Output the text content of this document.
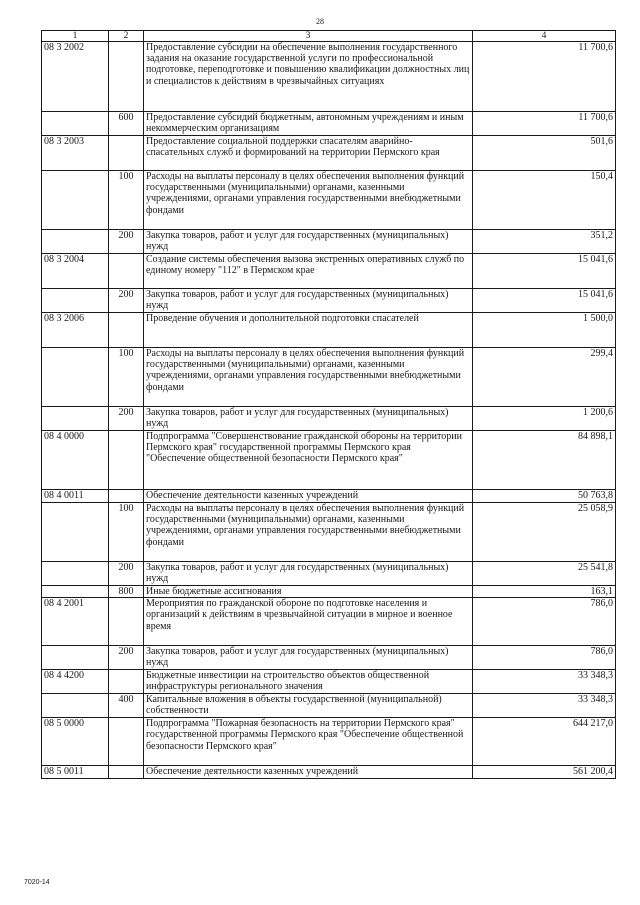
28
1	2	3	4
08 3 2002		Предоставление субсидии на обеспечение выполнения государственного задания на оказание государственной услуги по профессиональной подготовке, переподготовке и повышению квалификации должностных лиц и специалистов к действиям в чрезвычайных ситуациях	11 700,6
	600	Предоставление субсидий бюджетным, автономным учреждениям и иным некоммерческим организациям	11 700,6
08 3 2003		Предоставление социальной поддержки спасателям аварийно-спасательных служб и формирований на территории Пермского края	501,6
	100	Расходы на выплаты персоналу в целях обеспечения выполнения функций государственными (муниципальными) органами, казенными учреждениями, органами управления государственными внебюджетными фондами	150,4
	200	Закупка товаров, работ и услуг для государственных (муниципальных) нужд	351,2
08 3 2004		Создание системы обеспечения вызова экстренных оперативных служб по единому номеру "112" в Пермском крае	15 041,6
	200	Закупка товаров, работ и услуг для государственных (муниципальных) нужд	15 041,6
08 3 2006		Проведение обучения и дополнительной подготовки спасателей	1 500,0
	100	Расходы на выплаты персоналу в целях обеспечения выполнения функций государственными (муниципальными) органами, казенными учреждениями, органами управления государственными внебюджетными фондами	299,4
	200	Закупка товаров, работ и услуг для государственных (муниципальных) нужд	1 200,6
08 4 0000		Подпрограмма "Совершенствование гражданской обороны на территории Пермского края" государственной программы Пермского края "Обеспечение общественной безопасности Пермского края"	84 898,1
08 4 0011		Обеспечение деятельности казенных учреждений	50 763,8
	100	Расходы на выплаты персоналу в целях обеспечения выполнения функций государственными (муниципальными) органами, казенными учреждениями, органами управления государственными внебюджетными фондами	25 058,9
	200	Закупка товаров, работ и услуг для государственных (муниципальных) нужд	25 541,8
	800	Иные бюджетные ассигнования	163,1
08 4 2001		Мероприятия по гражданской обороне по подготовке населения и организаций к действиям в чрезвычайной ситуации в мирное и военное время	786,0
	200	Закупка товаров, работ и услуг для государственных (муниципальных) нужд	786,0
08 4 4200		Бюджетные инвестиции на строительство объектов общественной инфраструктуры регионального значения	33 348,3
	400	Капитальные вложения в объекты государственной (муниципальной) собственности	33 348,3
08 5 0000		Подпрограмма "Пожарная безопасность на территории Пермского края" государственной программы Пермского края "Обеспечение общественной безопасности Пермского края"	644 217,0
08 5 0011		Обеспечение деятельности казенных учреждений	561 200,4
7020-14
